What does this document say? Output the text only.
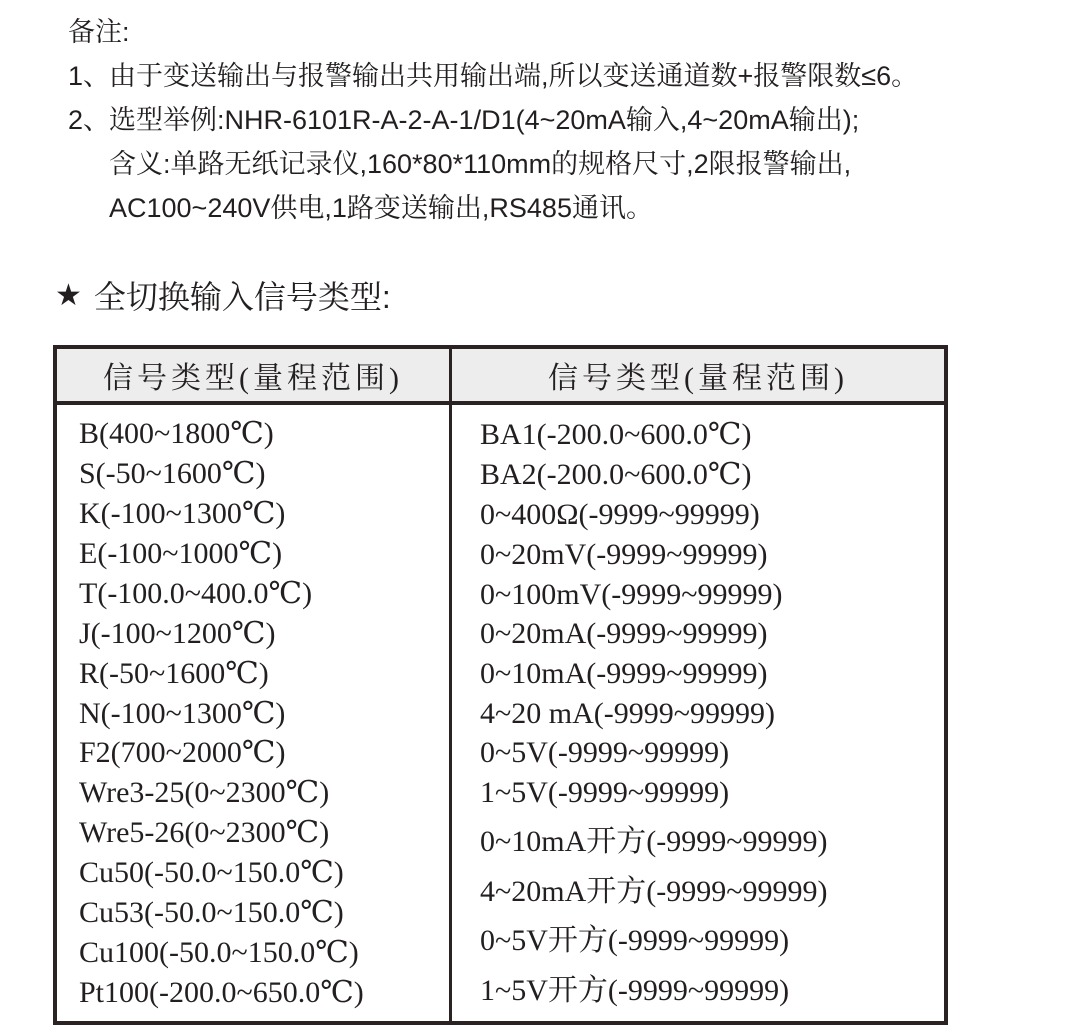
备注:
1、
由于变送输出与报警输出共用输出端,所以变送通道数+报警限数≤6。
2、
选型举例:NHR-6101R-A-2-A-1/D1(4~20mA输入,4~20mA输出);
含义:单路无纸记录仪,160*80*110mm的规格尺寸,2限报警输出,
AC100~240V供电,1路变送输出,RS485通讯。
★ 全切换输入信号类型:
信号类型(量程范围)
B(400~1800℃)
S(-50~1600℃)
K(-100~1300℃)
E(-100~1000℃)
T(-100.0~400.0℃)
J(-100~1200℃)
R(-50~1600℃)
N(-100~1300℃)
F2(700~2000℃)
Wre3-25(0~2300℃)
Wre5-26(0~2300℃)
Cu50(-50.0~150.0℃)
Cu53(-50.0~150.0℃)
Cu100(-50.0~150.0℃)
Pt100(-200.0~650.0℃)
信号类型(量程范围)
BA1(-200.0~600.0℃)
BA2(-200.0~600.0℃)
0~400Ω(-9999~99999)
0~20mV(-9999~99999)
0~100mV(-9999~99999)
0~20mA(-9999~99999)
0~10mA(-9999~99999)
4~20 mA(-9999~99999)
0~5V(-9999~99999)
1~5V(-9999~99999)
0~10mA开方(-9999~99999)
4~20mA开方(-9999~99999)
0~5V开方(-9999~99999)
1~5V开方(-9999~99999)
